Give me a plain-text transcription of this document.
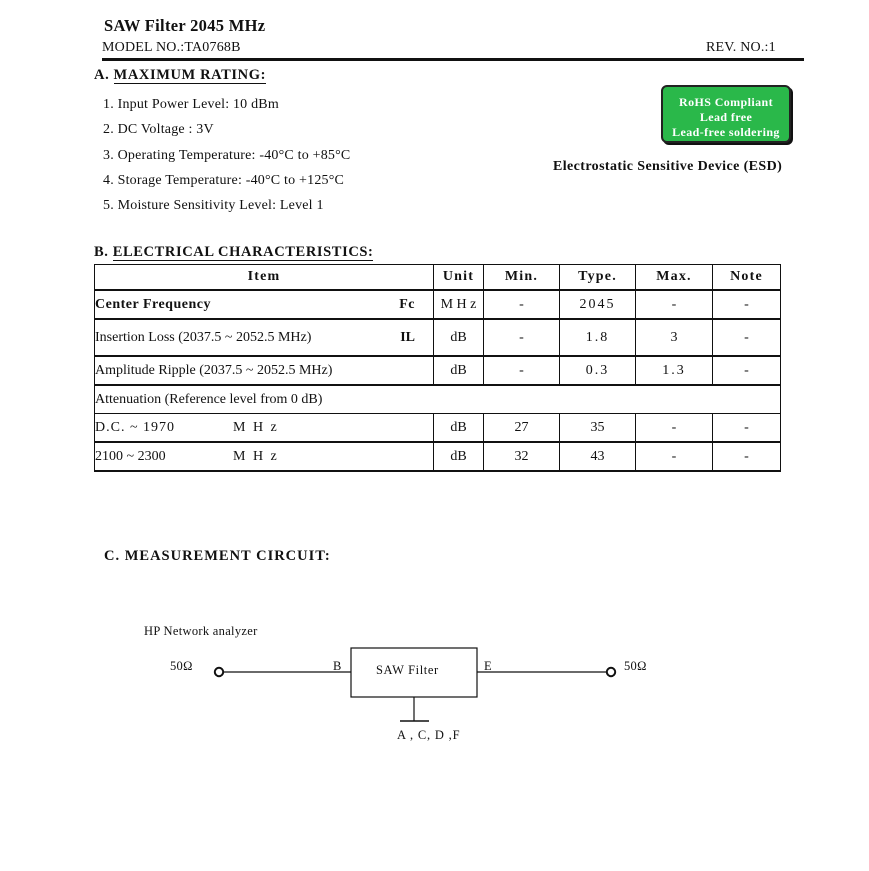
SAW Filter 2045 MHz
MODEL NO.:TA0768B	REV. NO.:1
A. MAXIMUM RATING:
1. Input Power Level: 10 dBm
2. DC Voltage : 3V
3. Operating Temperature: -40°C to +85°C
4. Storage Temperature: -40°C to +125°C
5. Moisture Sensitivity Level: Level 1
RoHS Compliant
Lead free
Lead-free soldering
Electrostatic Sensitive Device (ESD)
B. ELECTRICAL CHARACTERISTICS:
Item	Unit	Min.	Type.	Max.	Note
Center Frequency Fc	M H z	-	2045	-	-
Insertion Loss (2037.5 ~ 2052.5 MHz) IL	dB	-	1.8	3	-
Amplitude Ripple (2037.5 ~ 2052.5 MHz)	dB	-	0.3	1.3	-
Attenuation (Reference level from 0 dB)					
D.C. ~ 1970 M H z	dB	27	35	-	-
2100 ~ 2300 M H z	dB	32	43	-	-
C. MEASUREMENT CIRCUIT:
HP Network analyzer
50Ω	50Ω
B	E
A , C, D ,F
SAW Filter
